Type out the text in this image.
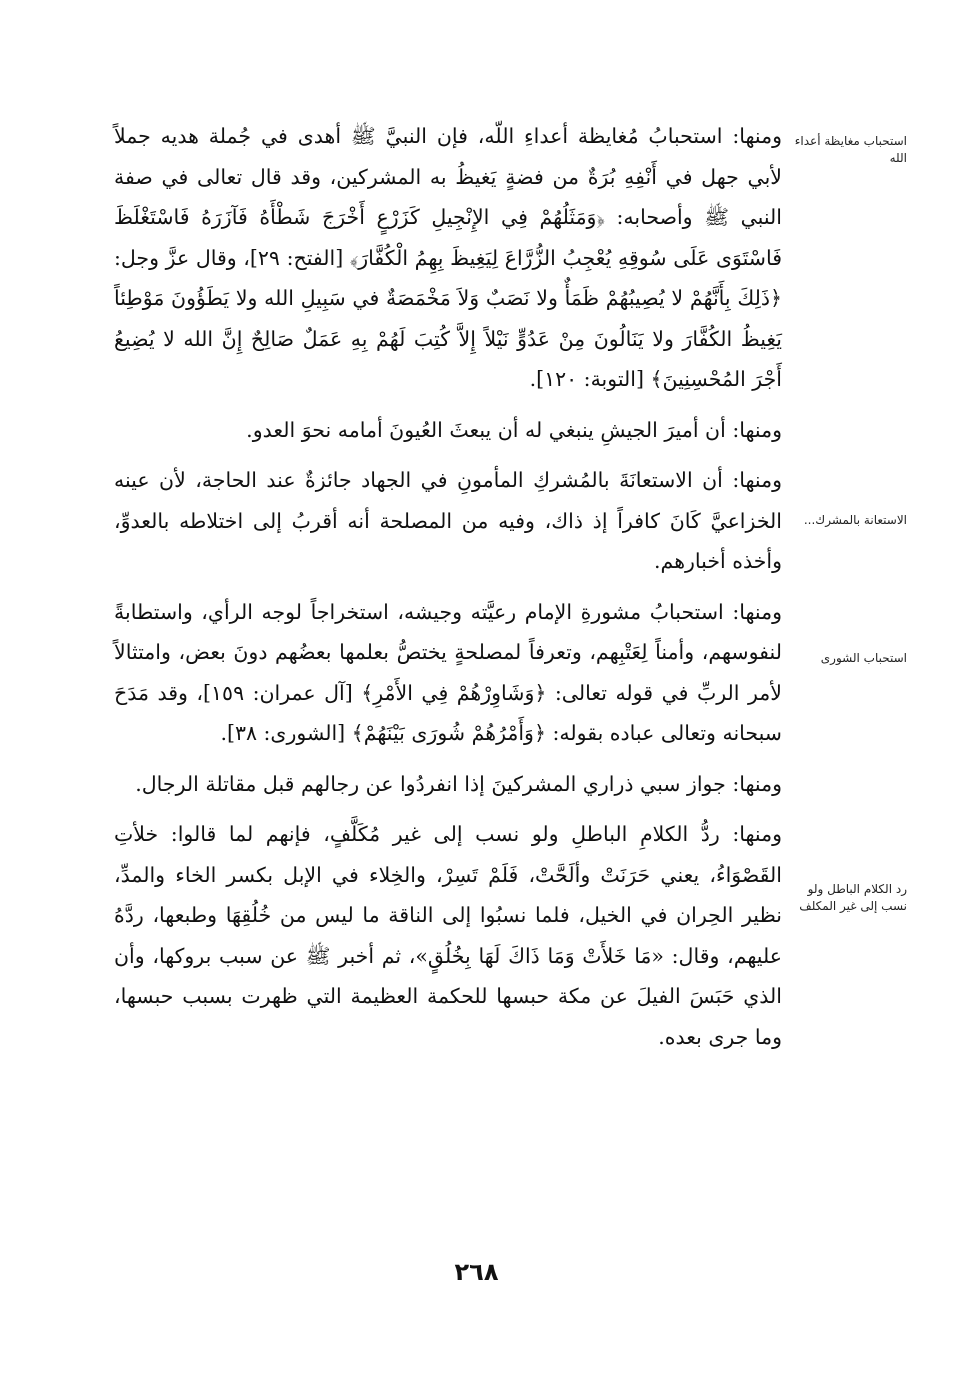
استحباب مغايظة أعداء الله
الاستعانة بالمشرك...
استحباب الشورى
رد الكلام الباطل ولو نسب إلى غير المكلف

ومنها: استحبابُ مُغايظة أعداءِ اللّه، فإن النبيَّ ﷺ أهدى في جُملة هديه جملاً لأبي جهل في أَنْفِهِ بُرَةٌ من فضةٍ يَغيظُ به المشركين، وقد قال تعالى في صفة النبي ﷺ وأصحابه: ﴿وَمَثَلُهُمْ فِي الإِنْجِيلِ كَزَرْعٍ أَخْرَجَ شَطْأَهُ فَآزَرَهُ فَاسْتَغْلَظَ فَاسْتَوَى عَلَى سُوقِهِ يُعْجِبُ الزُّرَّاعَ لِيَغِيظَ بِهِمُ الْكُفَّارَ﴾ [الفتح: ٢٩]، وقال عزَّ وجل: ﴿ذَلِكَ بِأَنَّهُمْ لا يُصِيبُهُمْ ظَمَأٌ ولا نَصَبٌ وَلاَ مَخْمَصَةٌ في سَبِيلِ الله ولا يَطَؤُونَ مَوْطِئاً يَغِيظُ الكُفَّارَ ولا يَنَالُونَ مِنْ عَدُوٍّ نَيْلاً إِلاَّ كُتِبَ لَهُمْ بِهِ عَمَلٌ صَالِحٌ إِنَّ الله لا يُضِيعُ أَجْرَ المُحْسِنِينَ﴾ [التوبة: ١٢٠].

ومنها: أن أميرَ الجيشِ ينبغي له أن يبعثَ العُيونَ أمامه نحوَ العدو.

ومنها: أن الاستعانَةَ بالمُشركِ المأمونِ في الجهاد جائزةٌ عند الحاجة، لأن عينه الخزاعيَّ كَانَ كافراً إذ ذاك، وفيه من المصلحة أنه أقربُ إلى اختلاطه بالعدوِّ، وأخذه أخبارهم.

ومنها: استحبابُ مشورةِ الإمام رعيَّته وجيشه، استخراجاً لوجه الرأي، واستطابةً لنفوسهم، وأمناً لِعَتْبِهم، وتعرفاً لمصلحةٍ يختصُّ بعلمها بعضُهم دونَ بعض، وامتثالاً لأمر الربِّ في قوله تعالى: ﴿وَشَاوِرْهُمْ فِي الأَمْرِ﴾ [آل عمران: ١٥٩]، وقد مَدَحَ سبحانه وتعالى عباده بقوله: ﴿وَأَمْرُهُمْ شُورَى بَيْنَهُمْ﴾ [الشورى: ٣٨].

ومنها: جواز سبي ذراري المشركينَ إذا انفردُوا عن رجالهم قبل مقاتلة الرجال.

ومنها: ردُّ الكلامِ الباطلِ ولو نسب إلى غير مُكَلَّفٍ، فإنهم لما قالوا: خلأتِ القَصْوَاءُ، يعني حَرَنَتْ وألَحَّتْ، فَلَمْ تَسِرْ، والخِلاء في الإبل بكسر الخاء والمدِّ، نظير الحِران في الخيل، فلما نسبُوا إلى الناقة ما ليس من خُلُقِهَا وطبعها، ردَّهُ عليهم، وقال: «مَا خَلأَتْ وَمَا ذَاكَ لَهَا بِخُلُقٍ»، ثم أخبر ﷺ عن سبب بروكها، وأن الذي حَبَسَ الفيلَ عن مكة حبسها للحكمة العظيمة التي ظهرت بسبب حبسها، وما جرى بعده.

٢٦٨
